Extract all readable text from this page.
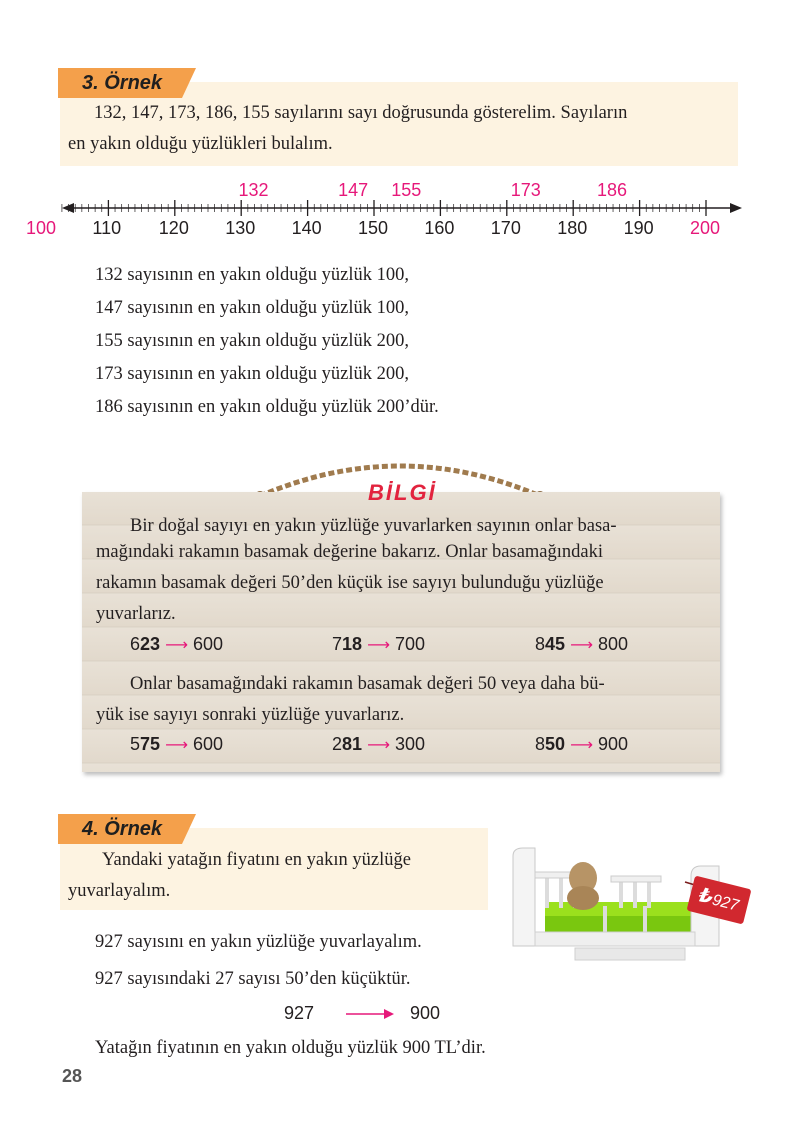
3. Örnek
132, 147, 173, 186, 155 sayılarını sayı doğrusunda gösterelim. Sayıların
en yakın olduğu yüzlükleri bulalım.
100 110 120 130 140 150 160 170 180 190 200
132	147 155	173	186
132 sayısının en yakın olduğu yüzlük 100,
147 sayısının en yakın olduğu yüzlük 100,
155 sayısının en yakın olduğu yüzlük 200,
173 sayısının en yakın olduğu yüzlük 200,
186 sayısının en yakın olduğu yüzlük 200’dür.
BİLGİ
Bir doğal sayıyı en yakın yüzlüğe yuvarlarken sayının onlar basa-
mağındaki rakamın basamak değerine bakarız. Onlar basamağındaki
rakamın basamak değeri 50’den küçük ise sayıyı bulunduğu yüzlüğe
yuvarlarız.
623 ⟶ 600	718 ⟶ 700	845 ⟶ 800
Onlar basamağındaki rakamın basamak değeri 50 veya daha bü-
yük ise sayıyı sonraki yüzlüğe yuvarlarız.
575 ⟶ 600	281 ⟶ 300	850 ⟶ 900
4. Örnek
Yandaki yatağın fiyatını en yakın yüzlüğe
yuvarlayalım.	₺927
927 sayısını en yakın yüzlüğe yuvarlayalım.
927 sayısındaki 27 sayısı 50’den küçüktür.
927	900
Yatağın fiyatının en yakın olduğu yüzlük 900 TL’dir.
28
